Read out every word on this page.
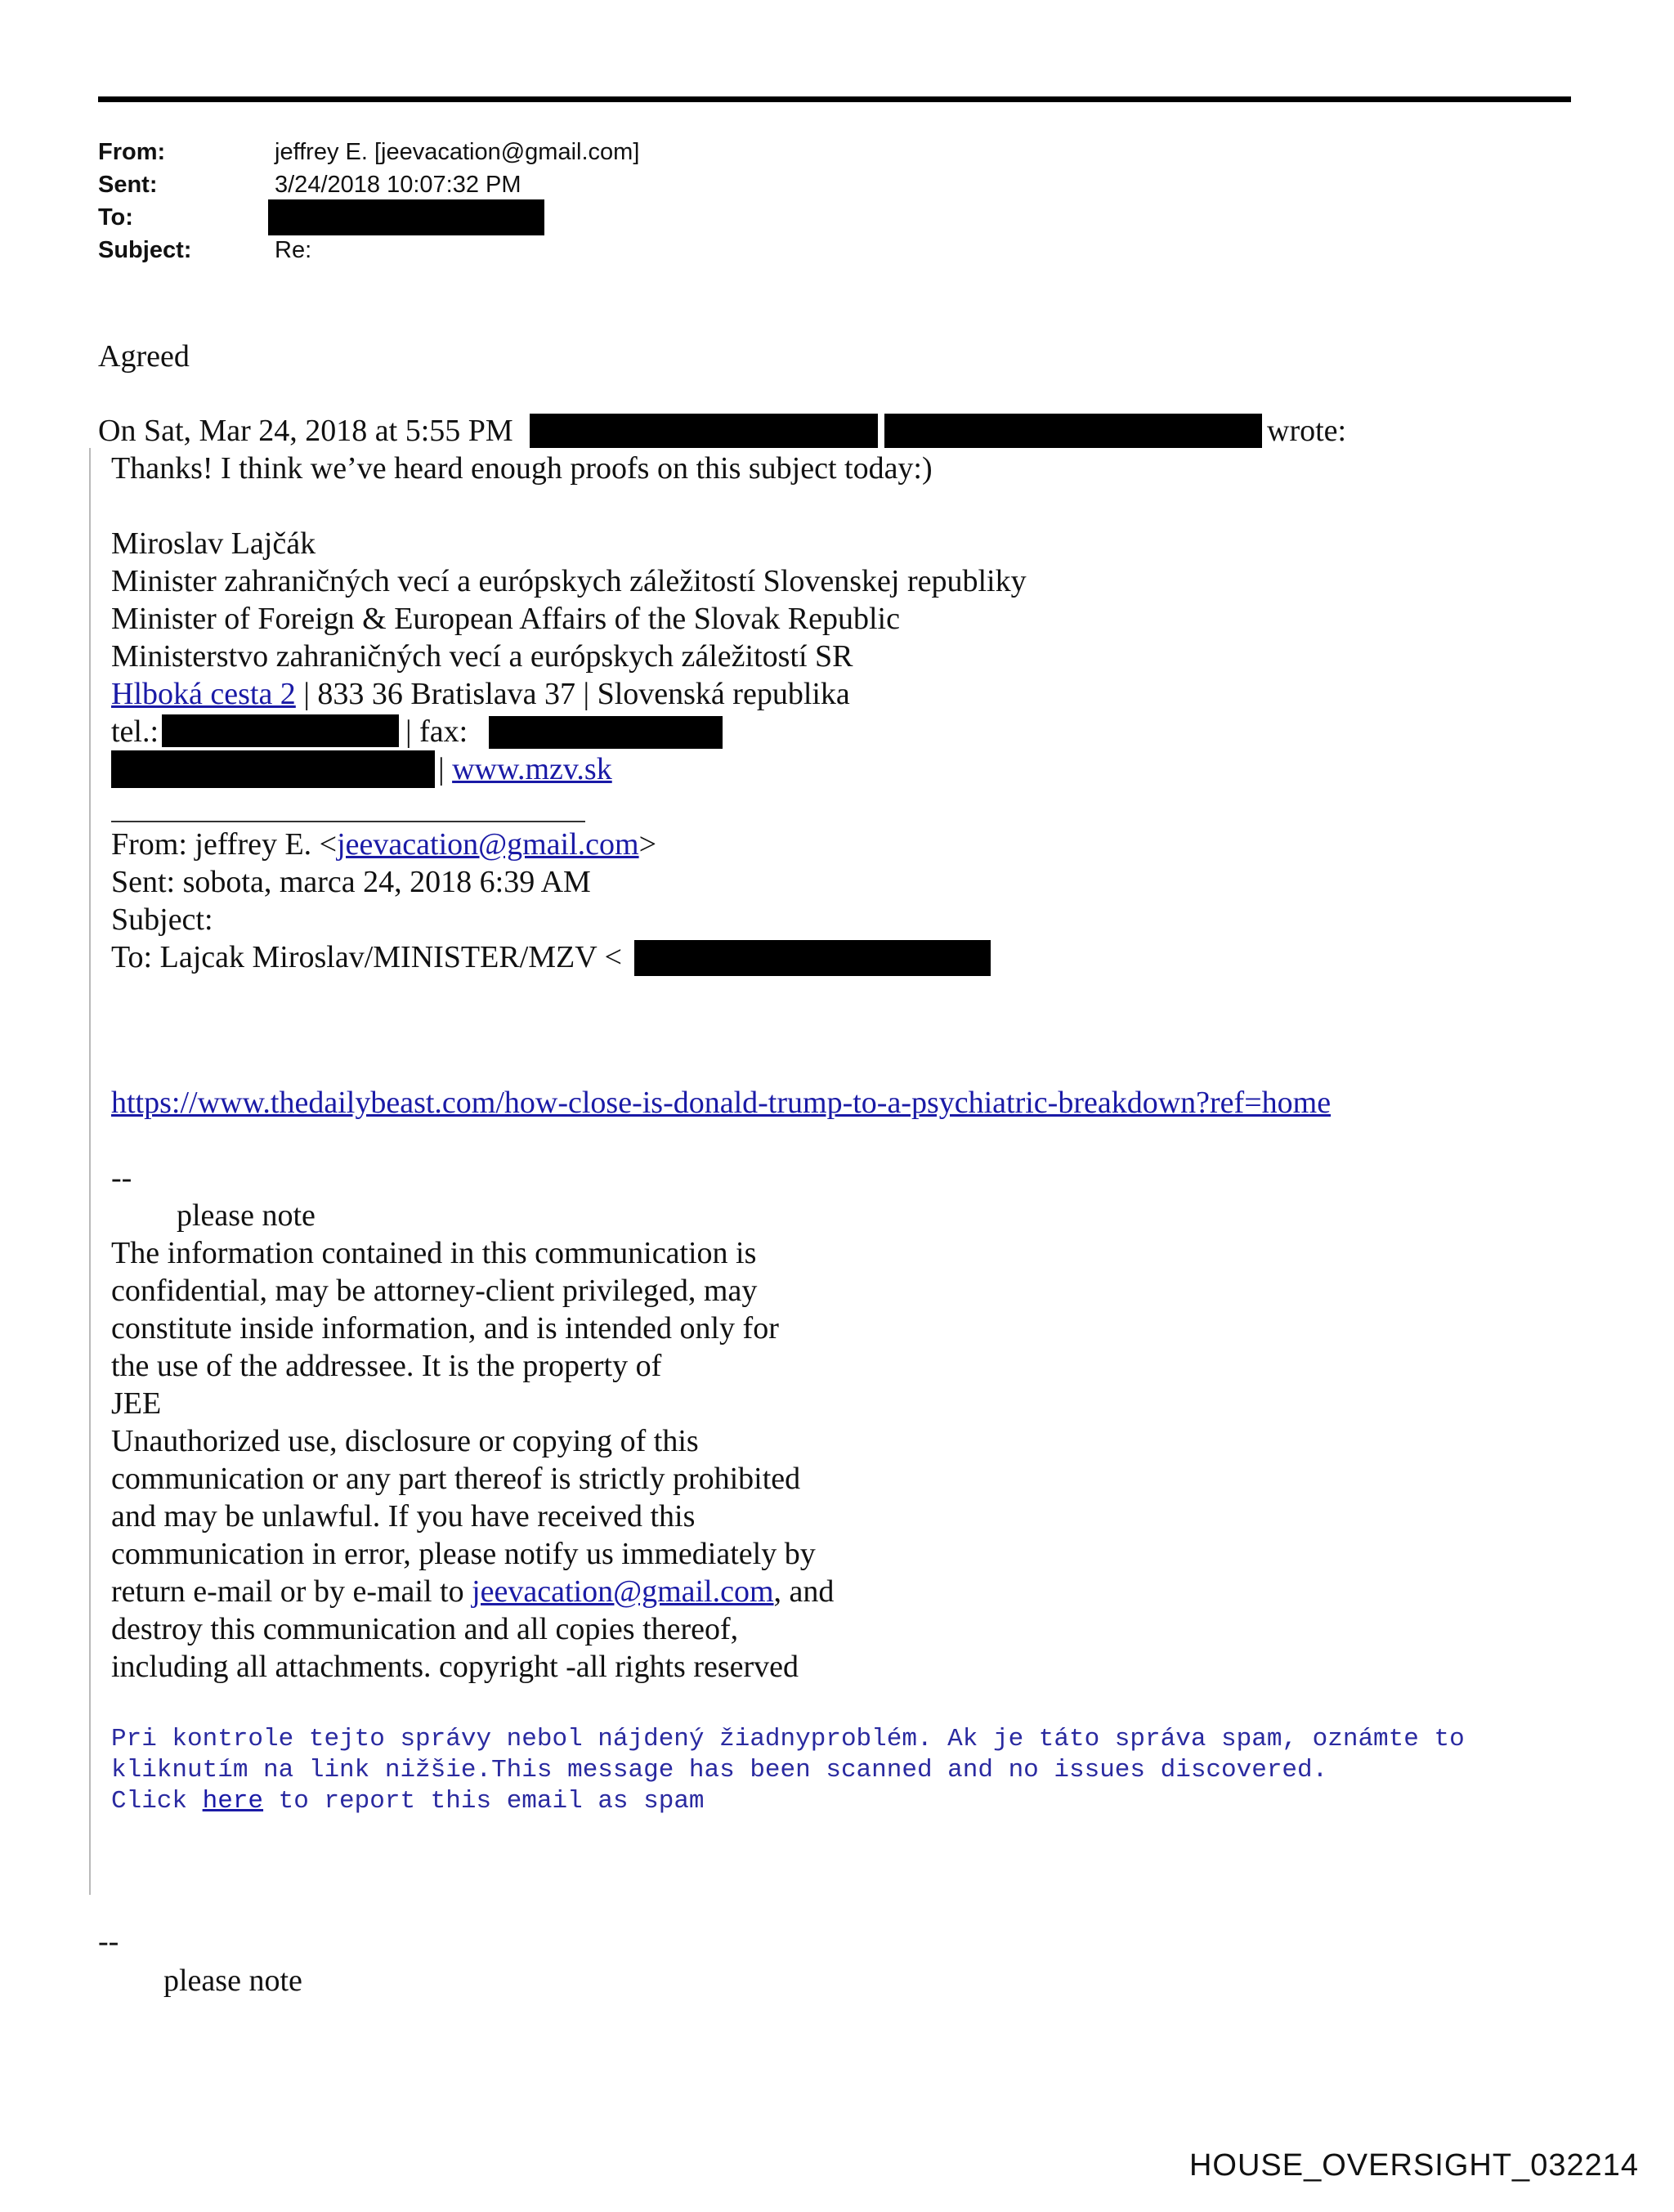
From:	jeffrey E. [jeevacation@gmail.com]
Sent:	3/24/2018 10:07:32 PM
To:
Subject:	Re:
Agreed
On Sat, Mar 24, 2018 at 5:55 PM	wrote:
Thanks! I think we’ve heard enough proofs on this subject today:)
Miroslav Lajčák
Minister zahraničných vecí a európskych záležitostí Slovenskej republiky
Minister of Foreign & European Affairs of the Slovak Republic
Ministerstvo zahraničných vecí a európskych záležitostí SR
Hlboká cesta 2 | 833 36 Bratislava 37 | Slovenská republika
tel.:	| fax:
| www.mzv.sk
From: jeffrey E. <jeevacation@gmail.com>
Sent: sobota, marca 24, 2018 6:39 AM
Subject:
To: Lajcak Miroslav/MINISTER/MZV <
https://www.thedailybeast.com/how-close-is-donald-trump-to-a-psychiatric-breakdown?ref=home
--
please note
The information contained in this communication is
confidential, may be attorney-client privileged, may
constitute inside information, and is intended only for
the use of the addressee. It is the property of
JEE
Unauthorized use, disclosure or copying of this
communication or any part thereof is strictly prohibited
and may be unlawful. If you have received this
communication in error, please notify us immediately by
return e-mail or by e-mail to jeevacation@gmail.com, and
destroy this communication and all copies thereof,
including all attachments. copyright -all rights reserved
Pri kontrole tejto správy nebol nájdený žiadnyproblém. Ak je táto správa spam, oznámte to
kliknutím na link nižšie.This message has been scanned and no issues discovered.
Click here to report this email as spam
--
please note
HOUSE_OVERSIGHT_032214
